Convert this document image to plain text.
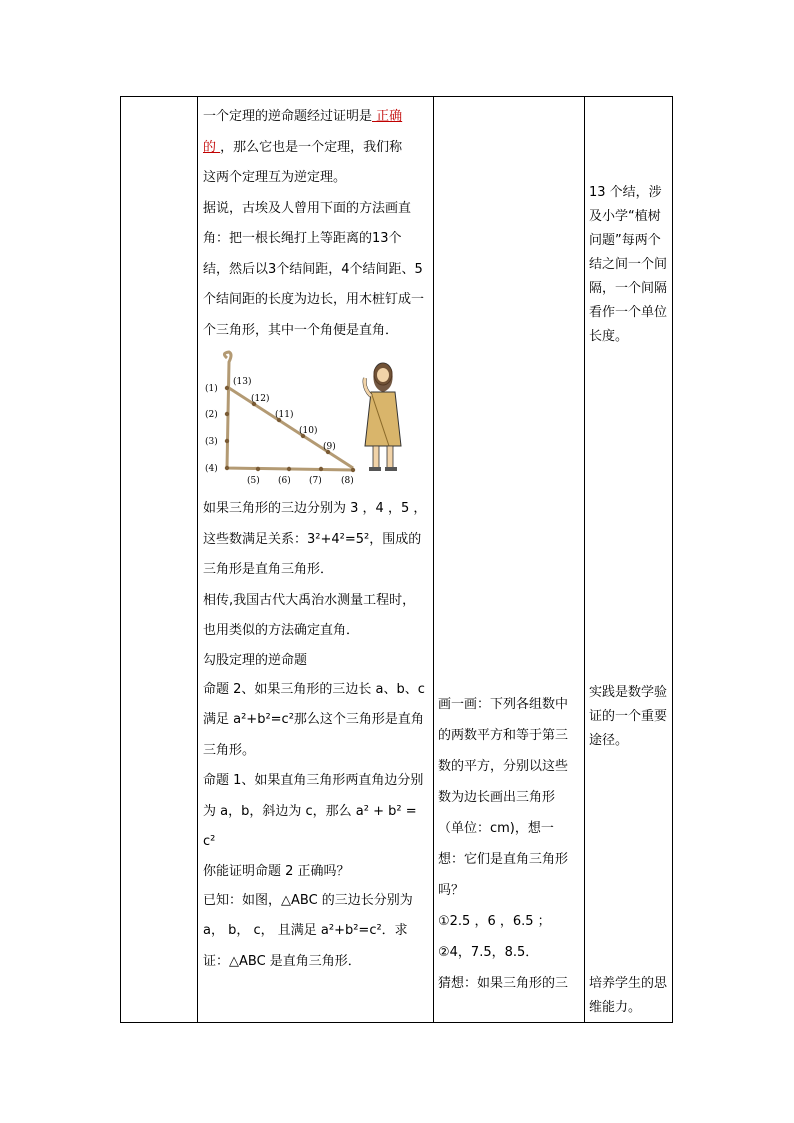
一个定理的逆命题经过证明是 正确
的 ，那么它也是一个定理，我们称
这两个定理互为逆定理。

据说，古埃及人曾用下面的方法画直角：把一根长绳打上等距离的13个结，然后以3个结间距，4个结间距、5个结间距的长度为边长，用木桩钉成一个三角形，其中一个角便是直角．

(1)
(2)
(3)
(4)
(5) (6) (7) (8)
(13)
(12)
(11)
(10)
(9)

如果三角形的三边分别为 3 ，4 ，5 ，这些数满足关系：3²+4²=5²，围成的三角形是直角三角形．

相传,我国古代大禹治水测量工程时，也用类似的方法确定直角．

勾股定理的逆命题

命题 2、如果三角形的三边长 a、b、c 满足 a²+b²=c²那么这个三角形是直角三角形。

命题 1、如果直角三角形两直角边分别为 a，b，斜边为 c，那么 a² + b² = c²

你能证明命题 2 正确吗？

已知：如图，△ABC 的三边长分别为 a， b， c， 且满足 a²+b²=c²．求证：△ABC 是直角三角形．

画一画：下列各组数中的两数平方和等于第三数的平方，分别以这些数为边长画出三角形（单位：cm)，想一想：它们是直角三角形吗？

①2.5 ，6 ，6.5 ；

②4，7.5，8.5．

猜想：如果三角形的三

13 个结，涉及小学“植树问题”每两个结之间一个间隔，一个间隔看作一个单位长度。

实践是数学验证的一个重要途径。

培养学生的思维能力。
